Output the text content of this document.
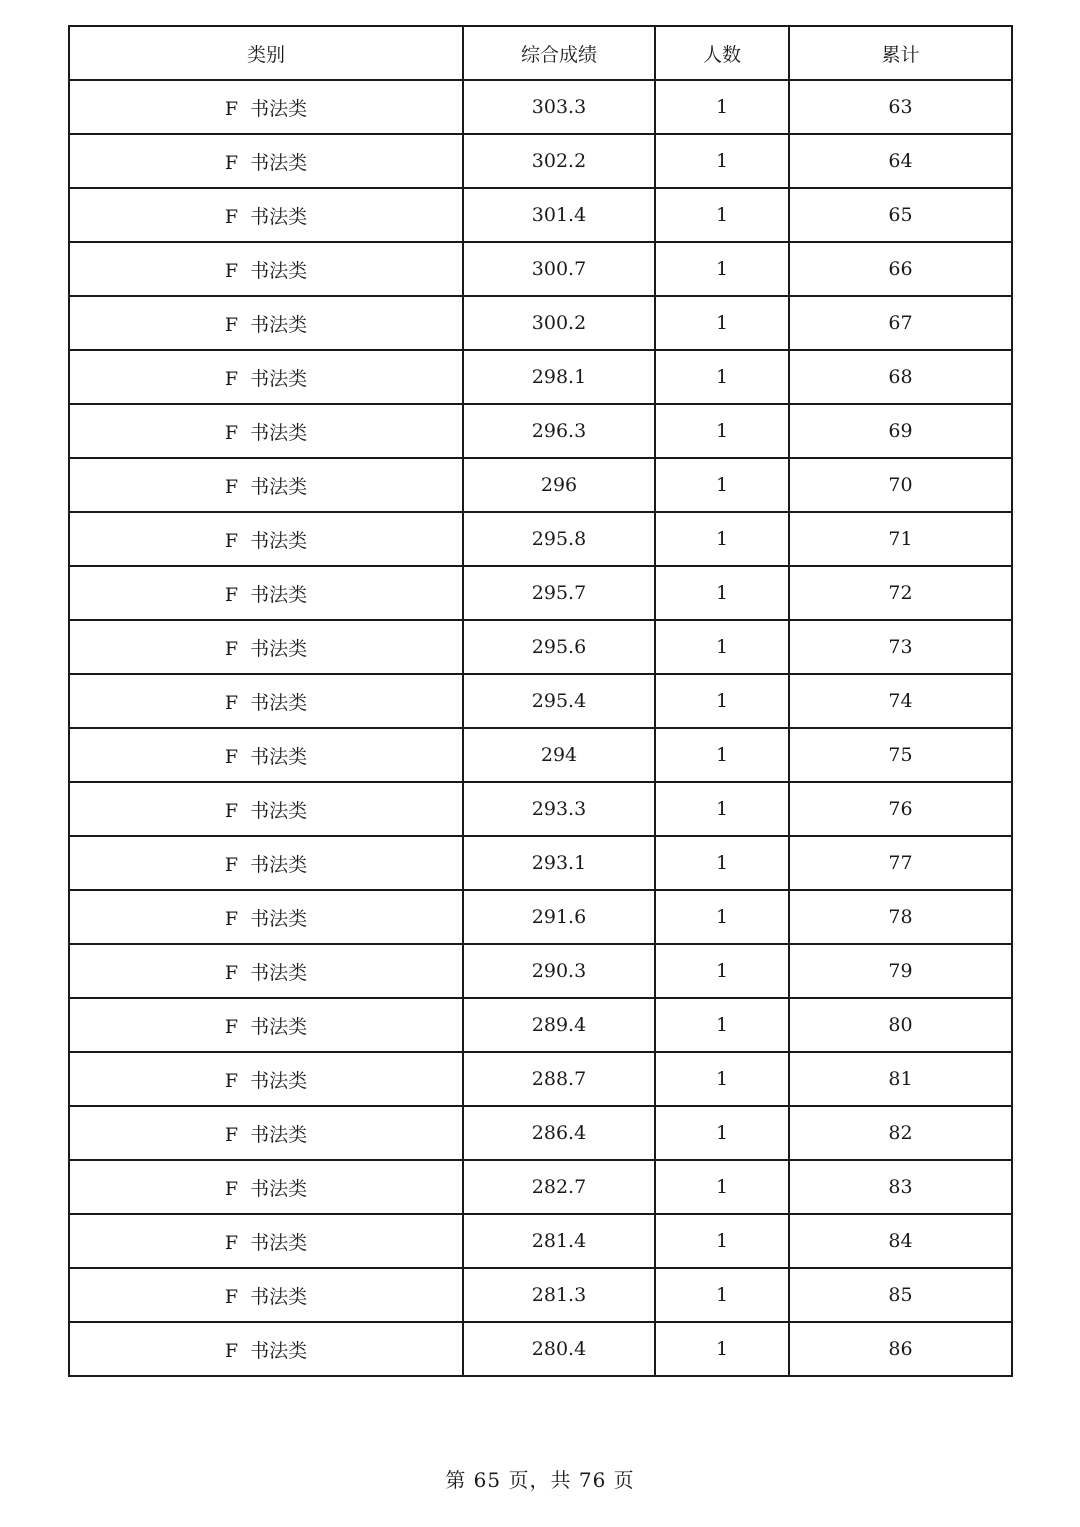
类别	综合成绩	人数	累计
F  书法类	303.3	1	63
F  书法类	302.2	1	64
F  书法类	301.4	1	65
F  书法类	300.7	1	66
F  书法类	300.2	1	67
F  书法类	298.1	1	68
F  书法类	296.3	1	69
F  书法类	296	1	70
F  书法类	295.8	1	71
F  书法类	295.7	1	72
F  书法类	295.6	1	73
F  书法类	295.4	1	74
F  书法类	294	1	75
F  书法类	293.3	1	76
F  书法类	293.1	1	77
F  书法类	291.6	1	78
F  书法类	290.3	1	79
F  书法类	289.4	1	80
F  书法类	288.7	1	81
F  书法类	286.4	1	82
F  书法类	282.7	1	83
F  书法类	281.4	1	84
F  书法类	281.3	1	85
F  书法类	280.4	1	86
第 65 页，共 76 页
